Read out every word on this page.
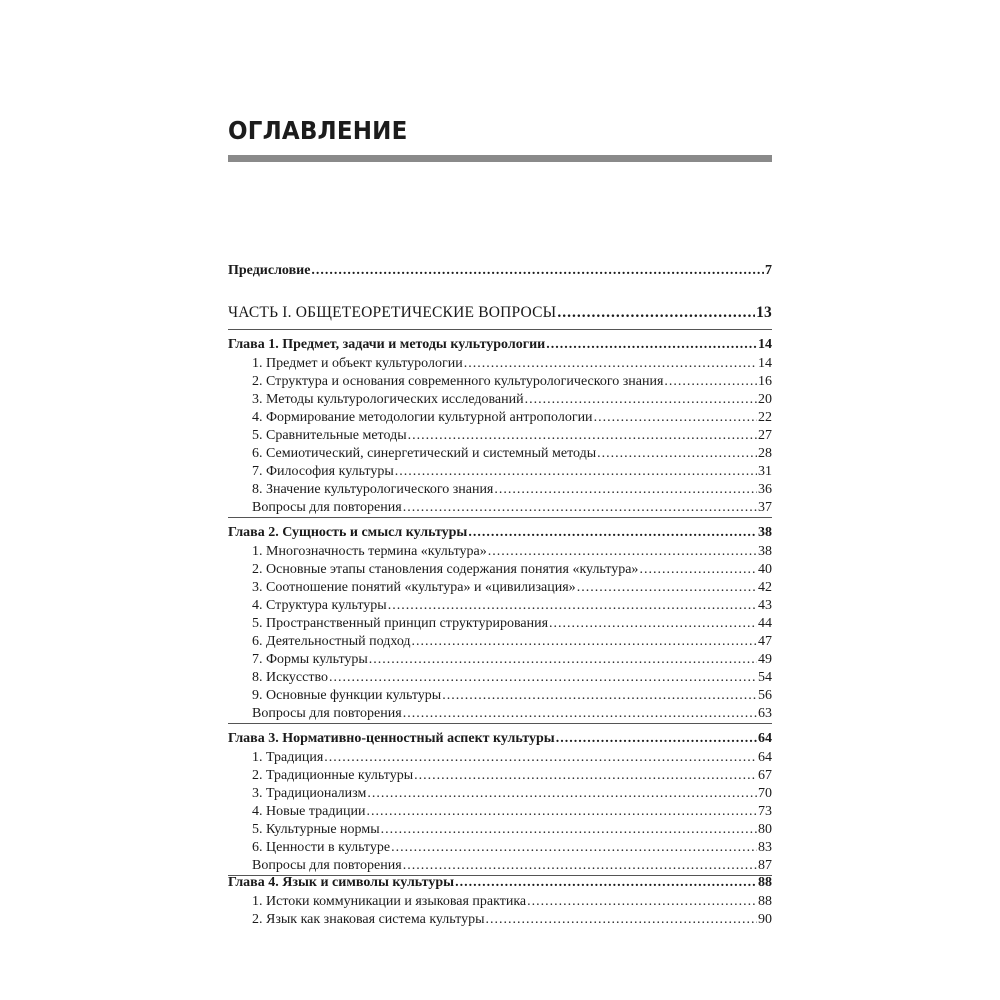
ОГЛАВЛЕНИЕ
Предисловие .....	7
ЧАСТЬ I. ОБЩЕТЕОРЕТИЧЕСКИЕ ВОПРОСЫ .....	13
Глава 1. Предмет, задачи и методы культурологии .....	14
1. Предмет и объект культурологии .....	14
2. Структура и основания современного культурологического знания .....	16
3. Методы культурологических исследований .....	20
4. Формирование методологии культурной антропологии .....	22
5. Сравнительные методы .....	27
6. Семиотический, синергетический и системный методы .....	28
7. Философия культуры .....	31
8. Значение культурологического знания .....	36
Вопросы для повторения .....	37
Глава 2. Сущность и смысл культуры .....	38
1. Многозначность термина «культура» .....	38
2. Основные этапы становления содержания понятия «культура» .....	40
3. Соотношение понятий «культура» и «цивилизация» .....	42
4. Структура культуры .....	43
5. Пространственный принцип структурирования .....	44
6. Деятельностный подход .....	47
7. Формы культуры .....	49
8. Искусство .....	54
9. Основные функции культуры .....	56
Вопросы для повторения .....	63
Глава 3. Нормативно-ценностный аспект культуры .....	64
1. Традиция .....	64
2. Традиционные культуры .....	67
3. Традиционализм .....	70
4. Новые традиции .....	73
5. Культурные нормы .....	80
6. Ценности в культуре .....	83
Вопросы для повторения .....	87
Глава 4. Язык и символы культуры .....	88
1. Истоки коммуникации и языковая практика .....	88
2. Язык как знаковая система культуры .....	90
